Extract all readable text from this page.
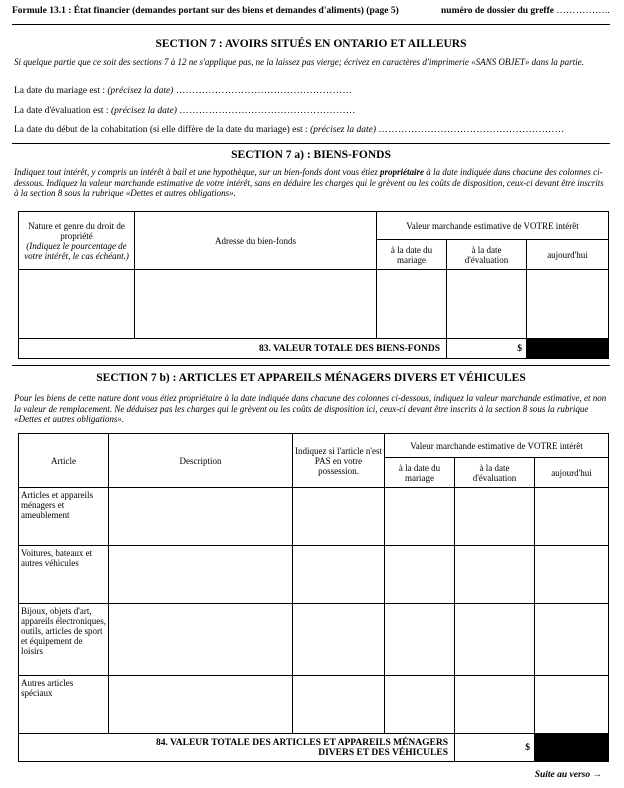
Formule 13.1 : État financier (demandes portant sur des biens et demandes d'aliments) (page 5)	numéro de dossier du greffe ……………..
SECTION 7 : AVOIRS SITUÉS EN ONTARIO ET AILLEURS
Si quelque partie que ce soit des sections 7 à 12 ne s'applique pas, ne la laissez pas vierge; écrivez en caractères d'imprimerie «SANS OBJET» dans la partie.
La date du mariage est : (précisez la date) ………………………………………………
La date d'évaluation est : (précisez la date) ………………………………………………
La date du début de la cohabitation (si elle diffère de la date du mariage) est : (précisez la date) …………………………………………………
SECTION 7 a) : BIENS-FONDS
Indiquez tout intérêt, y compris un intérêt à bail et une hypothèque, sur un bien-fonds dont vous étiez propriétaire à la date indiquée dans chacune des colonnes ci-dessous. Indiquez la valeur marchande estimative de votre intérêt, sans en déduire les charges qui le grèvent ou les coûts de disposition, ceux-ci devant être inscrits à la section 8 sous la rubrique «Dettes et autres obligations».
Nature et genre du droit de propriété
(Indiquez le pourcentage de votre intérêt, le cas échéant.)	Adresse du bien-fonds	Valeur marchande estimative de VOTRE intérêt		
		à la date du mariage	à la date d'évaluation	aujourd'hui

	83. VALEUR TOTALE DES BIENS-FONDS		$	
SECTION 7 b) : ARTICLES ET APPAREILS MÉNAGERS DIVERS ET VÉHICULES
Pour les biens de cette nature dont vous étiez propriétaire à la date indiquée dans chacune des colonnes ci-dessous, indiquez la valeur marchande estimative, et non la valeur de remplacement. Ne déduisez pas les charges qui le grèvent ou les coûts de disposition ici, ceux-ci devant être inscrits à la section 8 sous la rubrique «Dettes et autres obligations».
Article	Description	Indiquez si l'article n'est PAS en votre possession.	Valeur marchande estimative de VOTRE intérêt		
			à la date du mariage	à la date d'évaluation	aujourd'hui
Articles et appareils ménagers et ameublement					
Voitures, bateaux et autres véhicules					
Bijoux, objets d'art, appareils électroniques, outils, articles de sport et équipement de loisirs					
Autres articles spéciaux					
	84. VALEUR TOTALE DES ARTICLES ET APPAREILS MÉNAGERS
DIVERS ET DES VÉHICULES			$	
Suite au verso →
